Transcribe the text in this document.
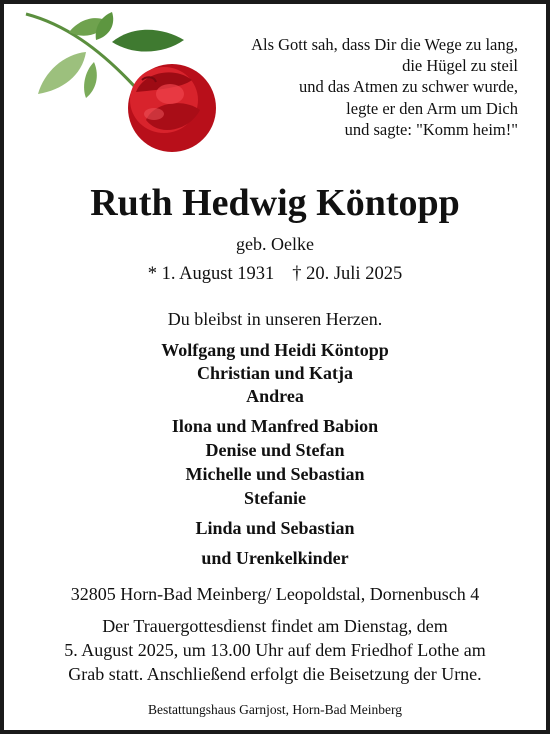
Als Gott sah, dass Dir die Wege zu lang,
die Hügel zu steil
und das Atmen zu schwer wurde,
legte er den Arm um Dich
und sagte: "Komm heim!"
Ruth Hedwig Köntopp
geb. Oelke
* 1. August 1931 † 20. Juli 2025
Du bleibst in unseren Herzen.
Wolfgang und Heidi Köntopp
Christian und Katja
Andrea
Ilona und Manfred Babion
Denise und Stefan
Michelle und Sebastian
Stefanie
Linda und Sebastian
und Urenkelkinder
32805 Horn-Bad Meinberg/ Leopoldstal, Dornenbusch 4
Der Trauergottesdienst findet am Dienstag, dem
5. August 2025, um 13.00 Uhr auf dem Friedhof Lothe am
Grab statt. Anschließend erfolgt die Beisetzung der Urne.
Bestattungshaus Garnjost, Horn-Bad Meinberg
